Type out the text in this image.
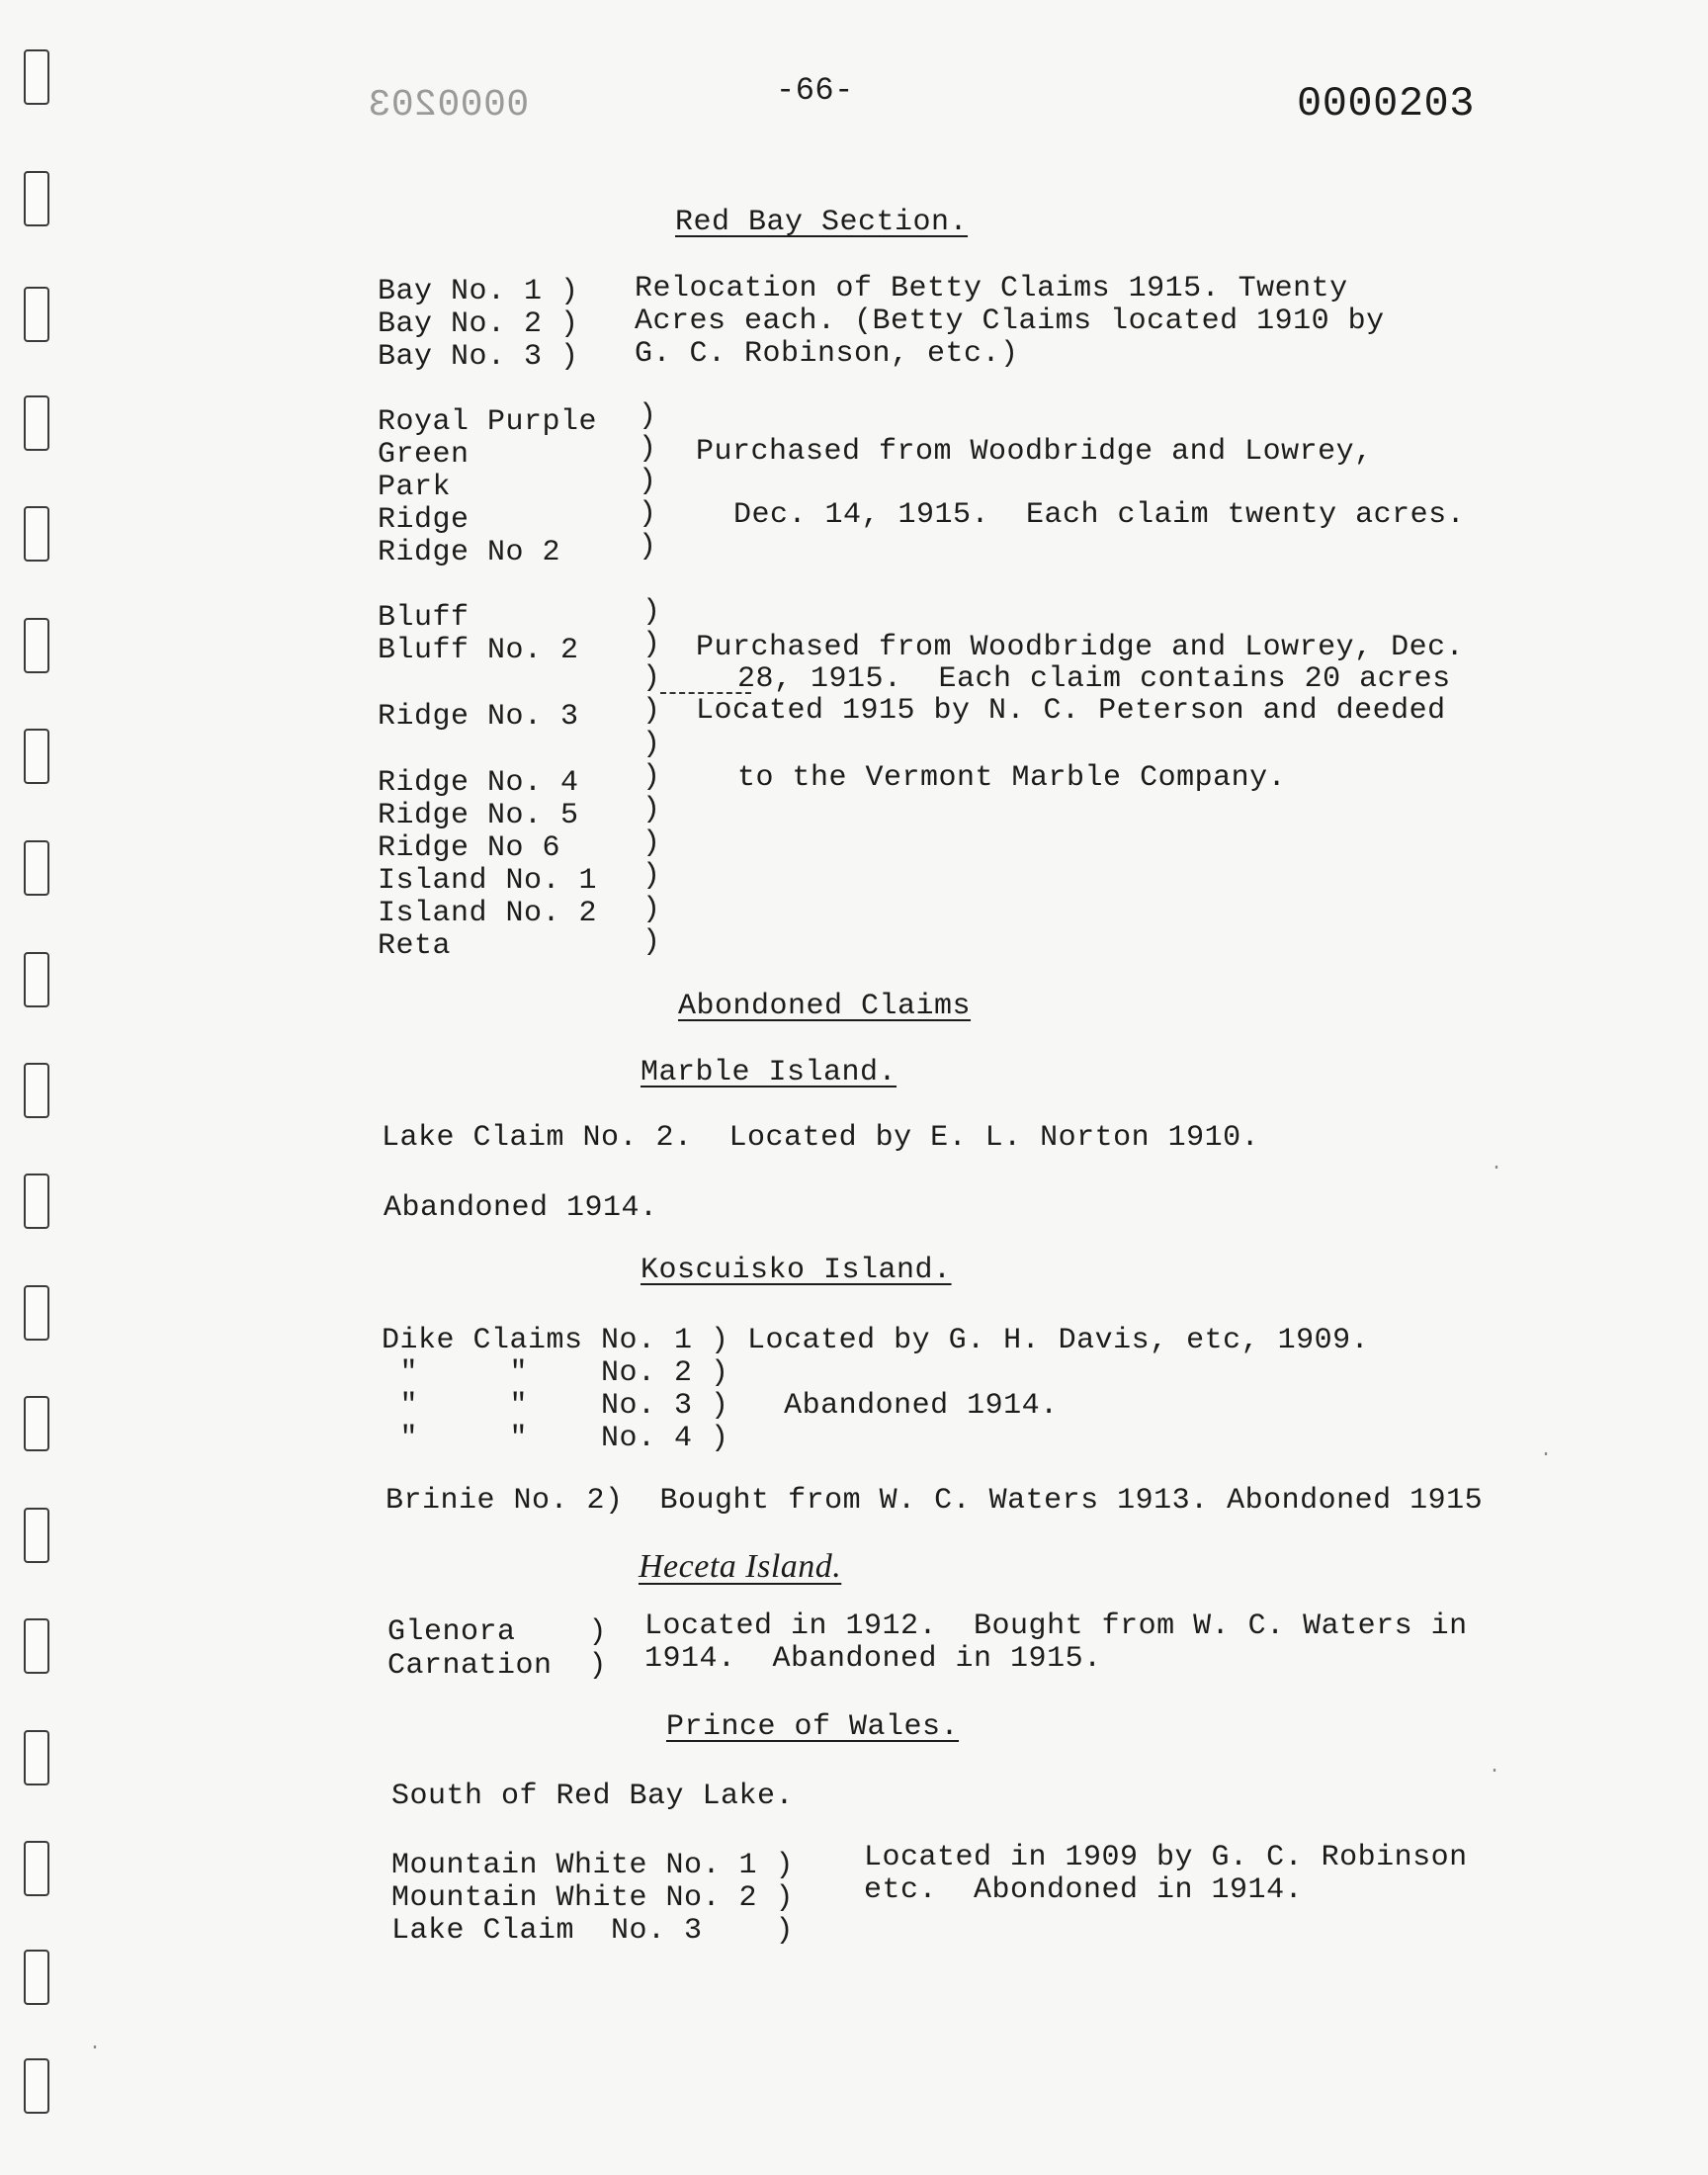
0000203	-66-	0000203
Red Bay Section.
Bay No. 1 )
Bay No. 2 )
Bay No. 3 )
Relocation of Betty Claims 1915. Twenty
Acres each. (Betty Claims located 1910 by
G. C. Robinson, etc.)
Royal Purple
Green
Park
Ridge
Ridge No 2
)
)
)
)
)
Purchased from Woodbridge and Lowrey,
Dec. 14, 1915.  Each claim twenty acres.
Bluff
Bluff No. 2
Ridge No. 3
Ridge No. 4
Ridge No. 5
Ridge No 6
Island No. 1
Island No. 2
Reta
)
)
)
)
)
)
)
)
)
)
)
Purchased from Woodbridge and Lowrey, Dec.
28, 1915.  Each claim contains 20 acres
Located 1915 by N. C. Peterson and deeded
to the Vermont Marble Company.
Abondoned Claims
Marble Island.
Lake Claim No. 2.  Located by E. L. Norton 1910.
Abandoned 1914.
Koscuisko Island.
Dike Claims No. 1 ) Located by G. H. Davis, etc, 1909.
"     "    No. 2 )
"     "    No. 3 )   Abandoned 1914.
"     "    No. 4 )
Brinie No. 2)  Bought from W. C. Waters 1913. Abondoned 1915
Heceta Island.
Glenora    )
Carnation  )
Located in 1912.  Bought from W. C. Waters in
1914.  Abandoned in 1915.
Prince of Wales.
South of Red Bay Lake.
Mountain White No. 1 )
Mountain White No. 2 )
Lake Claim  No. 3    )
Located in 1909 by G. C. Robinson
etc.  Abondoned in 1914.
·
·
·
·
